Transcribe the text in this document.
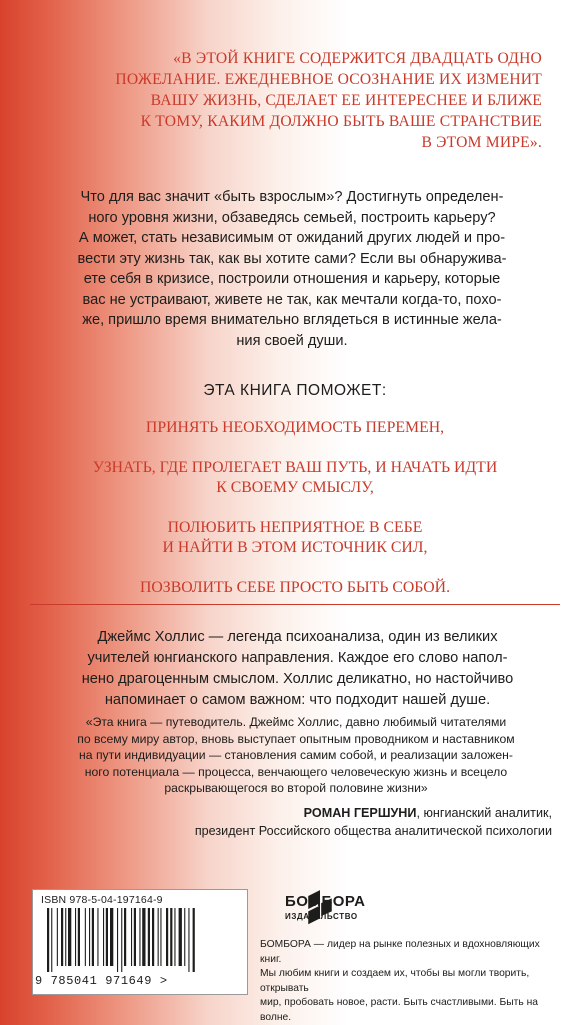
«В ЭТОЙ КНИГЕ СОДЕРЖИТСЯ ДВАДЦАТЬ ОДНО
ПОЖЕЛАНИЕ. ЕЖЕДНЕВНОЕ ОСОЗНАНИЕ ИХ ИЗМЕНИТ
ВАШУ ЖИЗНЬ, СДЕЛАЕТ ЕЕ ИНТЕРЕСНЕЕ И БЛИЖЕ
К ТОМУ, КАКИМ ДОЛЖНО БЫТЬ ВАШЕ СТРАНСТВИЕ
В ЭТОМ МИРЕ».
Что для вас значит «быть взрослым»? Достигнуть определен-
ного уровня жизни, обзаведясь семьей, построить карьеру?
А может, стать независимым от ожиданий других людей и про-
вести эту жизнь так, как вы хотите сами? Если вы обнаружива-
ете себя в кризисе, построили отношения и карьеру, которые
вас не устраивают, живете не так, как мечтали когда-то, похо-
же, пришло время внимательно вглядеться в истинные жела-
ния своей души.
ЭТА КНИГА ПОМОЖЕТ:
ПРИНЯТЬ НЕОБХОДИМОСТЬ ПЕРЕМЕН,
УЗНАТЬ, ГДЕ ПРОЛЕГАЕТ ВАШ ПУТЬ, И НАЧАТЬ ИДТИ
К СВОЕМУ СМЫСЛУ,
ПОЛЮБИТЬ НЕПРИЯТНОЕ В СЕБЕ
И НАЙТИ В ЭТОМ ИСТОЧНИК СИЛ,
ПОЗВОЛИТЬ СЕБЕ ПРОСТО БЫТЬ СОБОЙ.
Джеймс Холлис — легенда психоанализа, один из великих
учителей юнгианского направления. Каждое его слово напол-
нено драгоценным смыслом. Холлис деликатно, но настойчиво
напоминает о самом важном: что подходит нашей душе.
«Эта книга — путеводитель. Джеймс Холлис, давно любимый читателями
по всему миру автор, вновь выступает опытным проводником и наставником
на пути индивидуации — становления самим собой, и реализации заложен-
ного потенциала — процесса, венчающего человеческую жизнь и всецело
раскрывающегося во второй половине жизни»
РОМАН ГЕРШУНИ, юнгианский аналитик,
президент Российского общества аналитической психологии
ISBN 978-5-04-197164-9
9 785041 971649 >
БОМБОРА
ИЗДАТЕЛЬСТВО
БОМБОРА — лидер на рынке полезных и вдохновляющих книг.
Мы любим книги и создаем их, чтобы вы могли творить, открывать
мир, пробовать новое, расти. Быть счастливыми. Быть на волне.
